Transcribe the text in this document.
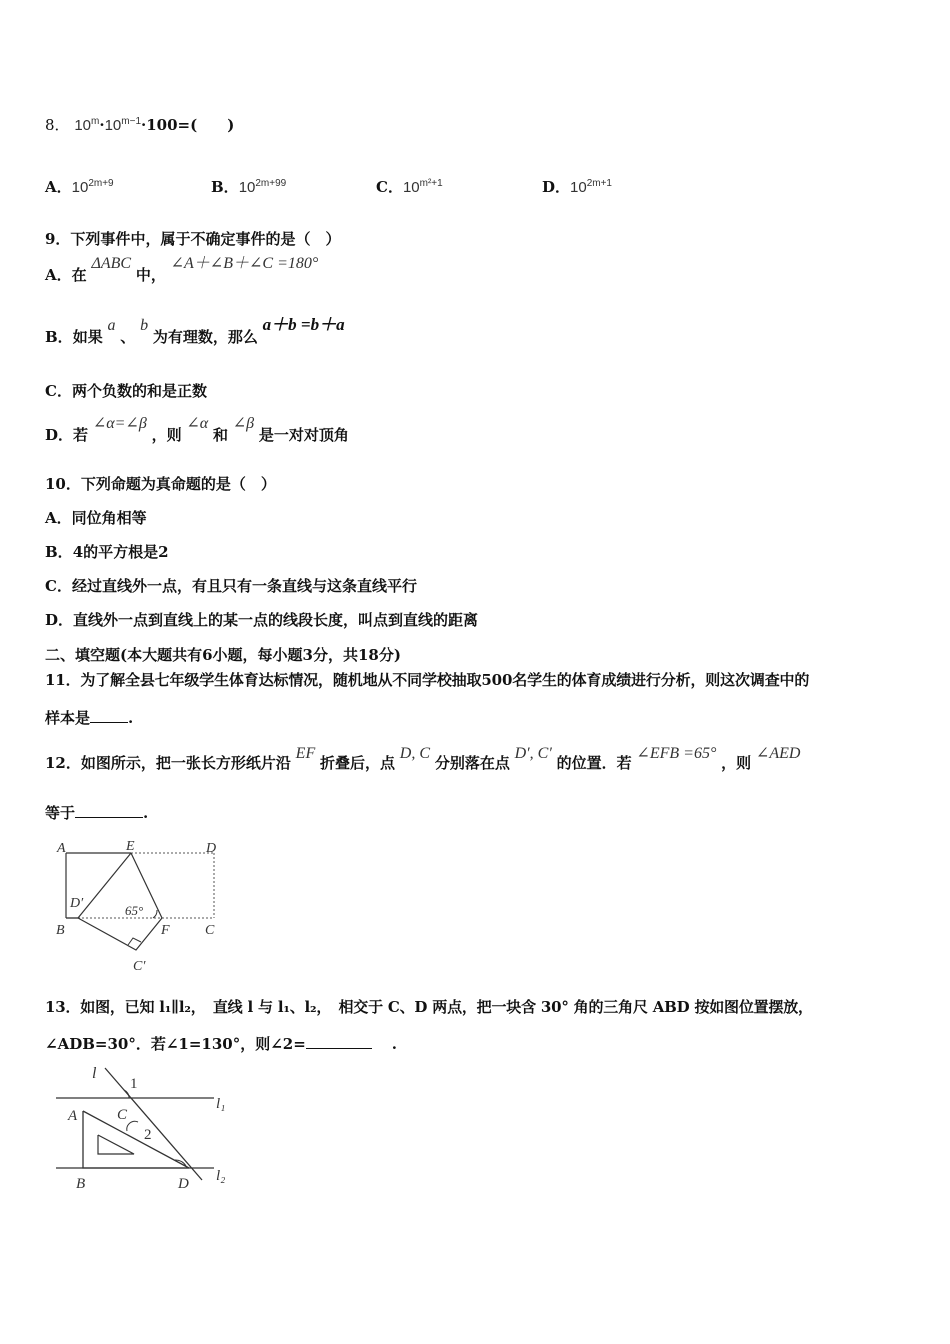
8． $10^m\cdot 10^{m-1}\cdot 100=$(　　)
A．$10^{2m+9}$	B．$10^{2m+99}$	C．$10^{m^2+1}$	D．$10^{2m+1}$
9．下列事件中，属于不确定事件的是（　）
A．在 ΔABC 中， ∠A＋∠B＋∠C =180°
B．如果 a 、 b 为有理数，那么 a＋b =b＋a
C．两个负数的和是正数
D．若 ∠α=∠β ，则 ∠α 和 ∠β 是一对对顶角
10．下列命题为真命题的是（　）
A．同位角相等
B．4的平方根是2
C．经过直线外一点，有且只有一条直线与这条直线平行
D．直线外一点到直线上的某一点的线段长度，叫点到直线的距离
二、填空题(本大题共有6小题，每小题3分，共18分)
11．为了解全县七年级学生体育达标情况，随机地从不同学校抽取500名学生的体育成绩进行分析，则这次调查中的
样本是	.
12．如图所示，把一张长方形纸片沿 EF 折叠后，点 D, C 分别落在点 D′, C′ 的位置．若 ∠EFB =65° ，则 ∠AED
等于	.
A	E	D
D′	65°
B	F	C
C′
13．如图，已知 l₁∥l₂，　直线 l 与 l₁、l₂，　相交于 C、D 两点，把一块含 30° 角的三角尺 ABD 按如图位置摆放，
∠ADB=30°．若∠1=130°，则∠2=	.
l
1
l₁
A	C
2
B	D l₂
